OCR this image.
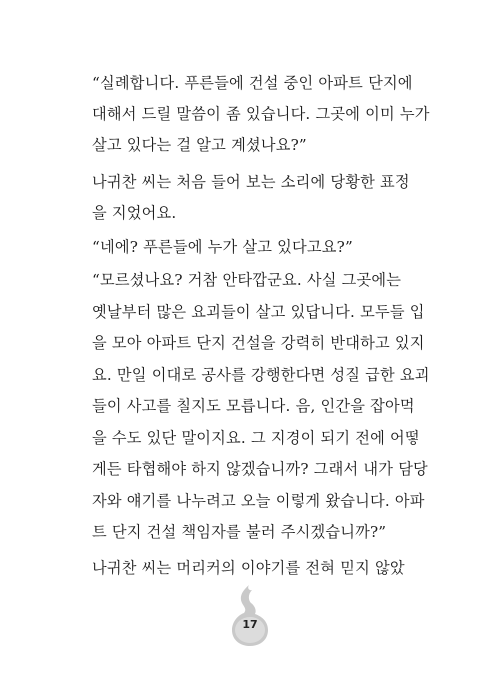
“실례합니다. 푸른들에 건설 중인 아파트 단지에
대해서 드릴 말씀이 좀 있습니다. 그곳에 이미 누가
살고 있다는 걸 알고 계셨나요?”
나귀찬 씨는 처음 들어 보는 소리에 당황한 표정
을 지었어요.
“네에? 푸른들에 누가 살고 있다고요?”
“모르셨나요? 거참 안타깝군요. 사실 그곳에는
옛날부터 많은 요괴들이 살고 있답니다. 모두들 입
을 모아 아파트 단지 건설을 강력히 반대하고 있지
요. 만일 이대로 공사를 강행한다면 성질 급한 요괴
들이 사고를 칠지도 모릅니다. 음, 인간을 잡아먹
을 수도 있단 말이지요. 그 지경이 되기 전에 어떻
게든 타협해야 하지 않겠습니까? 그래서 내가 담당
자와 얘기를 나누려고 오늘 이렇게 왔습니다. 아파
트 단지 건설 책임자를 불러 주시겠습니까?”
나귀찬 씨는 머리커의 이야기를 전혀 믿지 않았
17
